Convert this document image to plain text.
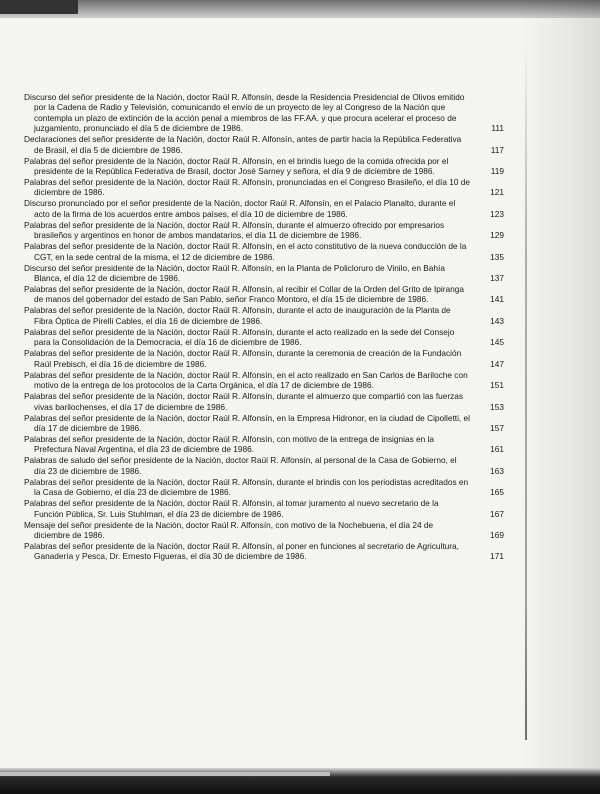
Discurso del señor presidente de la Nación, doctor Raúl R. Alfonsín, desde la Residencia Presidencial de Olivos emitido por la Cadena de Radio y Televisión, comunicando el envío de un proyecto de ley al Congreso de la Nación que contempla un plazo de extinción de la acción penal a miembros de las FF.AA. y que procura acelerar el proceso de juzgamiento, pronunciado el día 5 de diciembre de 1986.	111
Declaraciones del señor presidente de la Nación, doctor Raúl R. Alfonsín, antes de partir hacia la República Federativa de Brasil, el día 5 de diciembre de 1986.	117
Palabras del señor presidente de la Nación, doctor Raúl R. Alfonsín, en el brindis luego de la comida ofrecida por el presidente de la República Federativa de Brasil, doctor José Sarney y señora, el día 9 de diciembre de 1986.	119
Palabras del señor presidente de la Nación, doctor Raúl R. Alfonsín, pronunciadas en el Congreso Brasileño, el día 10 de diciembre de 1986.	121
Discurso pronunciado por el señor presidente de la Nación, doctor Raúl R. Alfonsín, en el Palacio Planalto, durante el acto de la firma de los acuerdos entre ambos países, el día 10 de diciembre de 1986.	123
Palabras del señor presidente de la Nación, doctor Raúl R. Alfonsín, durante el almuerzo ofrecido por empresarios brasileños y argentinos en honor de ambos mandatarios, el día 11 de diciembre de 1986.	129
Palabras del señor presidente de la Nación, doctor Raúl R. Alfonsín, en el acto constitutivo de la nueva conducción de la CGT, en la sede central de la misma, el 12 de diciembre de 1986.	135
Discurso del señor presidente de la Nación, doctor Raúl R. Alfonsín, en la Planta de Policloruro de Vinilo, en Bahía Blanca, el día 12 de diciembre de 1986.	137
Palabras del señor presidente de la Nación, doctor Raúl R. Alfonsín, al recibir el Collar de la Orden del Grito de Ipiranga de manos del gobernador del estado de San Pablo, señor Franco Montoro, el día 15 de diciembre de 1986.	141
Palabras del señor presidente de la Nación, doctor Raúl R. Alfonsín, durante el acto de inauguración de la Planta de Fibra Óptica de Pirelli Cables, el día 16 de diciembre de 1986.	143
Palabras del señor presidente de la Nación, doctor Raúl R. Alfonsín, durante el acto realizado en la sede del Consejo para la Consolidación de la Democracia, el día 16 de diciembre de 1986.	145
Palabras del señor presidente de la Nación, doctor Raúl R. Alfonsín, durante la ceremonia de creación de la Fundación Raúl Prebisch, el día 16 de diciembre de 1986.	147
Palabras del señor presidente de la Nación, doctor Raúl R. Alfonsín, en el acto realizado en San Carlos de Bariloche con motivo de la entrega de los protocolos de la Carta Orgánica, el día 17 de diciembre de 1986.	151
Palabras del señor presidente de la Nación, doctor Raúl R. Alfonsín, durante el almuerzo que compartió con las fuerzas vivas barilochenses, el día 17 de diciembre de 1986.	153
Palabras del señor presidente de la Nación, doctor Raúl R. Alfonsín, en la Empresa Hidronor, en la ciudad de Cipolletti, el día 17 de diciembre de 1986.	157
Palabras del señor presidente de la Nación, doctor Raúl R. Alfonsín, con motivo de la entrega de insignias en la Prefectura Naval Argentina, el día 23 de diciembre de 1986.	161
Palabras de saludo del señor presidente de la Nación, doctor Raúl R. Alfonsín, al personal de la Casa de Gobierno, el día 23 de diciembre de 1986.	163
Palabras del señor presidente de la Nación, doctor Raúl R. Alfonsín, durante el brindis con los periodistas acreditados en la Casa de Gobierno, el día 23 de diciembre de 1986.	165
Palabras del señor presidente de la Nación, doctor Raúl R. Alfonsín, al tomar juramento al nuevo secretario de la Función Pública, Sr. Luis Stuhlman, el día 23 de diciembre de 1986.	167
Mensaje del señor presidente de la Nación, doctor Raúl R. Alfonsín, con motivo de la Nochebuena, el día 24 de diciembre de 1986.	169
Palabras del señor presidente de la Nación, doctor Raúl R. Alfonsín, al poner en funciones al secretario de Agricultura, Ganadería y Pesca, Dr. Ernesto Figueras, el día 30 de diciembre de 1986.	171
